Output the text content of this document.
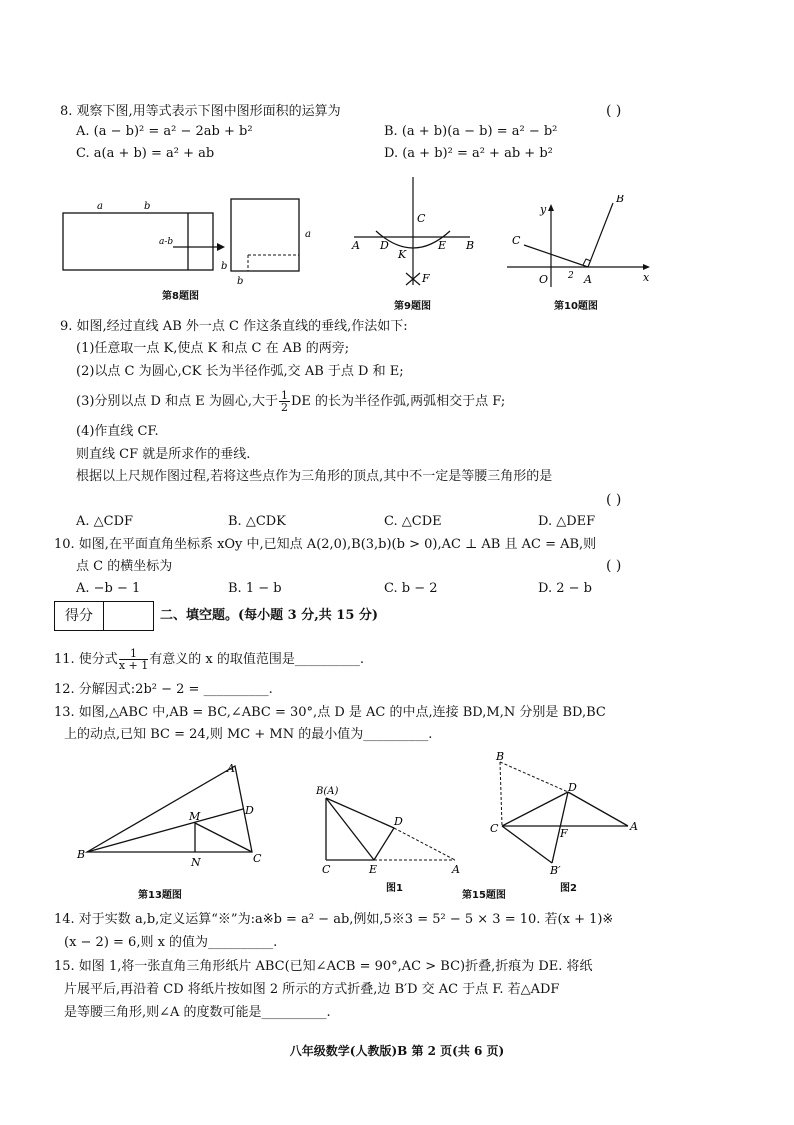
8. 观察下图,用等式表示下图中图形面积的运算为	( )
A. (a − b)² = a² − 2ab + b²	B. (a + b)(a − b) = a² − b²
C. a(a + b) = a² + ab	D. (a + b)² = a² + ab + b²
a	b
a-b
a
b
b
第8题图
C
A D
K
E B
F
第9题图
y
B
C
O 2 A	x
第10题图
9. 如图,经过直线 AB 外一点 C 作这条直线的垂线,作法如下:
(1)任意取一点 K,使点 K 和点 C 在 AB 的两旁;
(2)以点 C 为圆心,CK 长为半径作弧,交 AB 于点 D 和 E;
(3)分别以点 D 和点 E 为圆心,大于 $\frac{1}{2}$ DE 的长为半径作弧,两弧相交于点 F;
(4)作直线 CF.
则直线 CF 就是所求作的垂线.
根据以上尺规作图过程,若将这些点作为三角形的顶点,其中不一定是等腰三角形的是
( )
A. △CDF	B. △CDK	C. △CDE	D. △DEF
10. 如图,在平面直角坐标系 xOy 中,已知点 A(2,0),B(3,b)(b > 0),AC ⊥ AB 且 AC = AB,则
点 C 的横坐标为	( )
A. −b − 1	B. 1 − b	C. b − 2	D. 2 − b
得分	二、填空题。(每小题 3 分,共 15 分)
11. 使分式 $\frac{1}{x + 1}$ 有意义的 x 的取值范围是__________.
12. 分解因式:2b² − 2 = __________.
13. 如图,△ABC 中,AB = BC,∠ABC = 30°,点 D 是 AC 的中点,连接 BD,M,N 分别是 BD,BC
上的动点,已知 BC = 24,则 MC + MN 的最小值为__________.
A
D
M
B
N	C
第13题图
B(A)
D
C	E	A
图1
B
D
C	F
A
B′
第15题图
图2
14. 对于实数 a,b,定义运算“※”为:a※b = a² − ab,例如,5※3 = 5² − 5 × 3 = 10. 若(x + 1)※
(x − 2) = 6,则 x 的值为__________.
15. 如图 1,将一张直角三角形纸片 ABC(已知∠ACB = 90°,AC > BC)折叠,折痕为 DE. 将纸
片展平后,再沿着 CD 将纸片按如图 2 所示的方式折叠,边 B′D 交 AC 于点 F. 若△ADF
是等腰三角形,则∠A 的度数可能是__________.
八年级数学(人教版)B 第 2 页(共 6 页)
